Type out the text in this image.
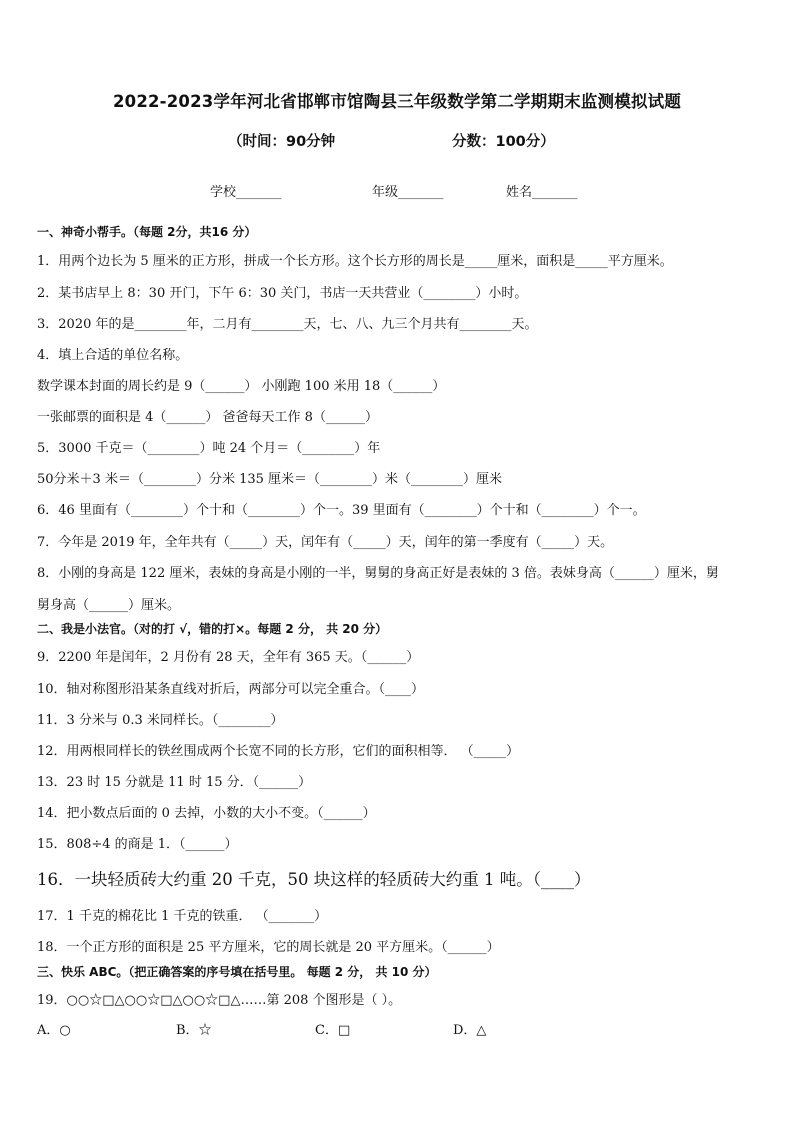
2022-2023学年河北省邯郸市馆陶县三年级数学第二学期期末监测模拟试题
（时间：90分钟	分数：100分）
学校_______	年级_______	姓名_______
一、神奇小帮手。（每题 2分，共16 分）
1．用两个边长为 5 厘米的正方形，拼成一个长方形。这个长方形的周长是_____厘米，面积是_____平方厘米。
2．某书店早上 8：30 开门，下午 6：30 关门，书店一天共营业（________）小时。
3．2020 年的是________年，二月有________天，七、八、九三个月共有________天。
4．填上合适的单位名称。
数学课本封面的周长约是 9（______） 小刚跑 100 米用 18（______）
一张邮票的面积是 4（______） 爸爸每天工作 8（______）
5．3000 千克＝（________）吨 24 个月＝（________）年
50分米＋3 米＝（________）分米 135 厘米＝（________）米（________）厘米
6．46 里面有（________）个十和（________）个一。39 里面有（________）个十和（________）个一。
7．今年是 2019 年，全年共有（_____）天，闰年有（_____）天，闰年的第一季度有（_____）天。
8．小刚的身高是 122 厘米，表妹的身高是小刚的一半，舅舅的身高正好是表妹的 3 倍。表妹身高（______）厘米，舅
舅身高（______）厘米。
二、我是小法官。（对的打 √，错的打×。每题 2 分， 共 20 分）
9．2200 年是闰年，2 月份有 28 天，全年有 365 天。（______）
10．轴对称图形沿某条直线对折后，两部分可以完全重合。（____）
11．3 分米与 0.3 米同样长。（________）
12．用两根同样长的铁丝围成两个长宽不同的长方形，它们的面积相等． （_____）
13．23 时 15 分就是 11 时 15 分．（______）
14．把小数点后面的 0 去掉，小数的大小不变。（______）
15．808÷4 的商是 1．（______）
16．一块轻质砖大约重 20 千克，50 块这样的轻质砖大约重 1 吨。（____）
17．1 千克的棉花比 1 千克的铁重． （_______）
18．一个正方形的面积是 25 平方厘米，它的周长就是 20 平方厘米。（______）
三、快乐 ABC。（把正确答案的序号填在括号里。 每题 2 分， 共 10 分）
19．○○☆□△○○☆□△○○☆□△……第 208 个图形是（ ）。
A．○	B．☆	C．□	D．△
